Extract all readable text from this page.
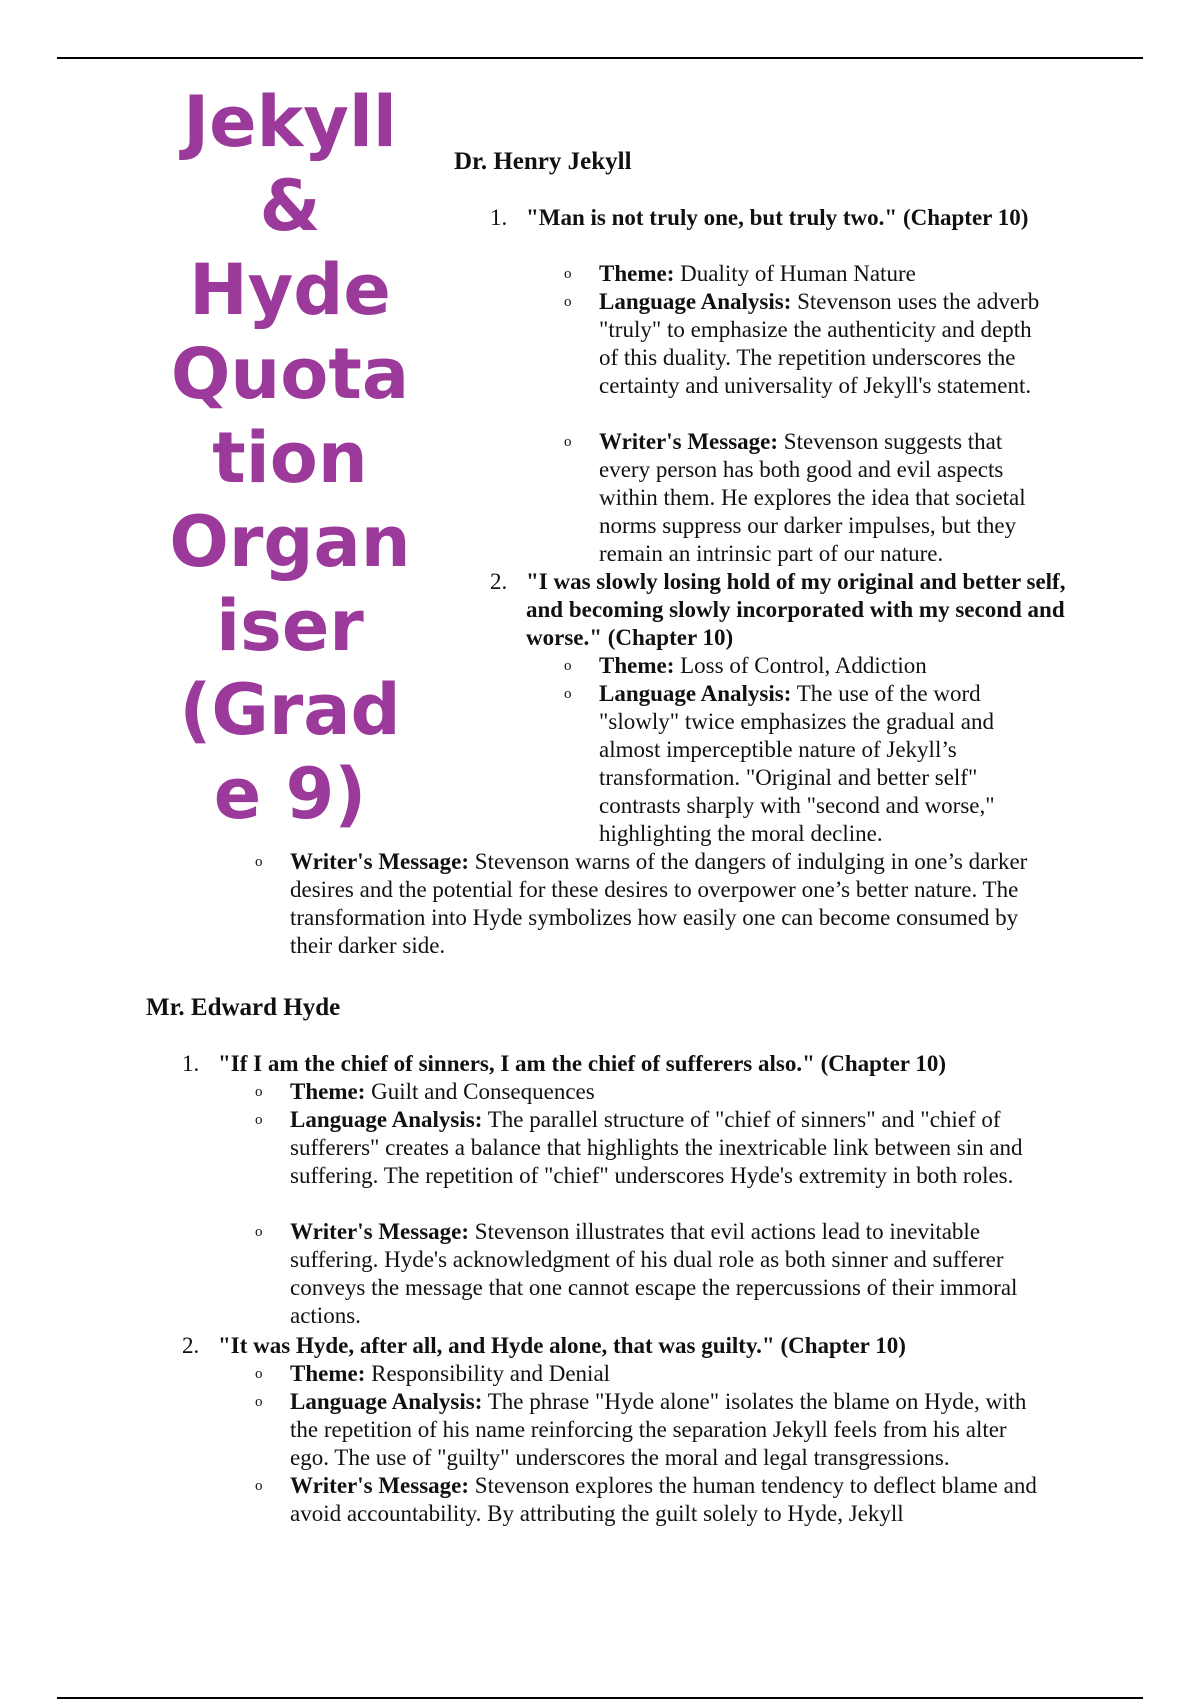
Jekyll
&
Hyde
Quota
tion
Organ
iser
(Grad
e 9)
Dr. Henry Jekyll
1. "Man is not truly one, but truly two." (Chapter 10)
o Theme: Duality of Human Nature
o Language Analysis: Stevenson uses the adverb "truly" to emphasize the authenticity and depth of this duality. The repetition underscores the certainty and universality of Jekyll's statement.
o Writer's Message: Stevenson suggests that every person has both good and evil aspects within them. He explores the idea that societal norms suppress our darker impulses, but they remain an intrinsic part of our nature.
2. "I was slowly losing hold of my original and better self, and becoming slowly incorporated with my second and worse." (Chapter 10)
o Theme: Loss of Control, Addiction
o Language Analysis: The use of the word "slowly" twice emphasizes the gradual and almost imperceptible nature of Jekyll’s transformation. "Original and better self" contrasts sharply with "second and worse," highlighting the moral decline.
o Writer's Message: Stevenson warns of the dangers of indulging in one’s darker desires and the potential for these desires to overpower one’s better nature. The transformation into Hyde symbolizes how easily one can become consumed by their darker side.
Mr. Edward Hyde
1. "If I am the chief of sinners, I am the chief of sufferers also." (Chapter 10)
o Theme: Guilt and Consequences
o Language Analysis: The parallel structure of "chief of sinners" and "chief of sufferers" creates a balance that highlights the inextricable link between sin and suffering. The repetition of "chief" underscores Hyde's extremity in both roles.
o Writer's Message: Stevenson illustrates that evil actions lead to inevitable suffering. Hyde's acknowledgment of his dual role as both sinner and sufferer conveys the message that one cannot escape the repercussions of their immoral actions.
2. "It was Hyde, after all, and Hyde alone, that was guilty." (Chapter 10)
o Theme: Responsibility and Denial
o Language Analysis: The phrase "Hyde alone" isolates the blame on Hyde, with the repetition of his name reinforcing the separation Jekyll feels from his alter ego. The use of "guilty" underscores the moral and legal transgressions.
o Writer's Message: Stevenson explores the human tendency to deflect blame and avoid accountability. By attributing the guilt solely to Hyde, Jekyll
